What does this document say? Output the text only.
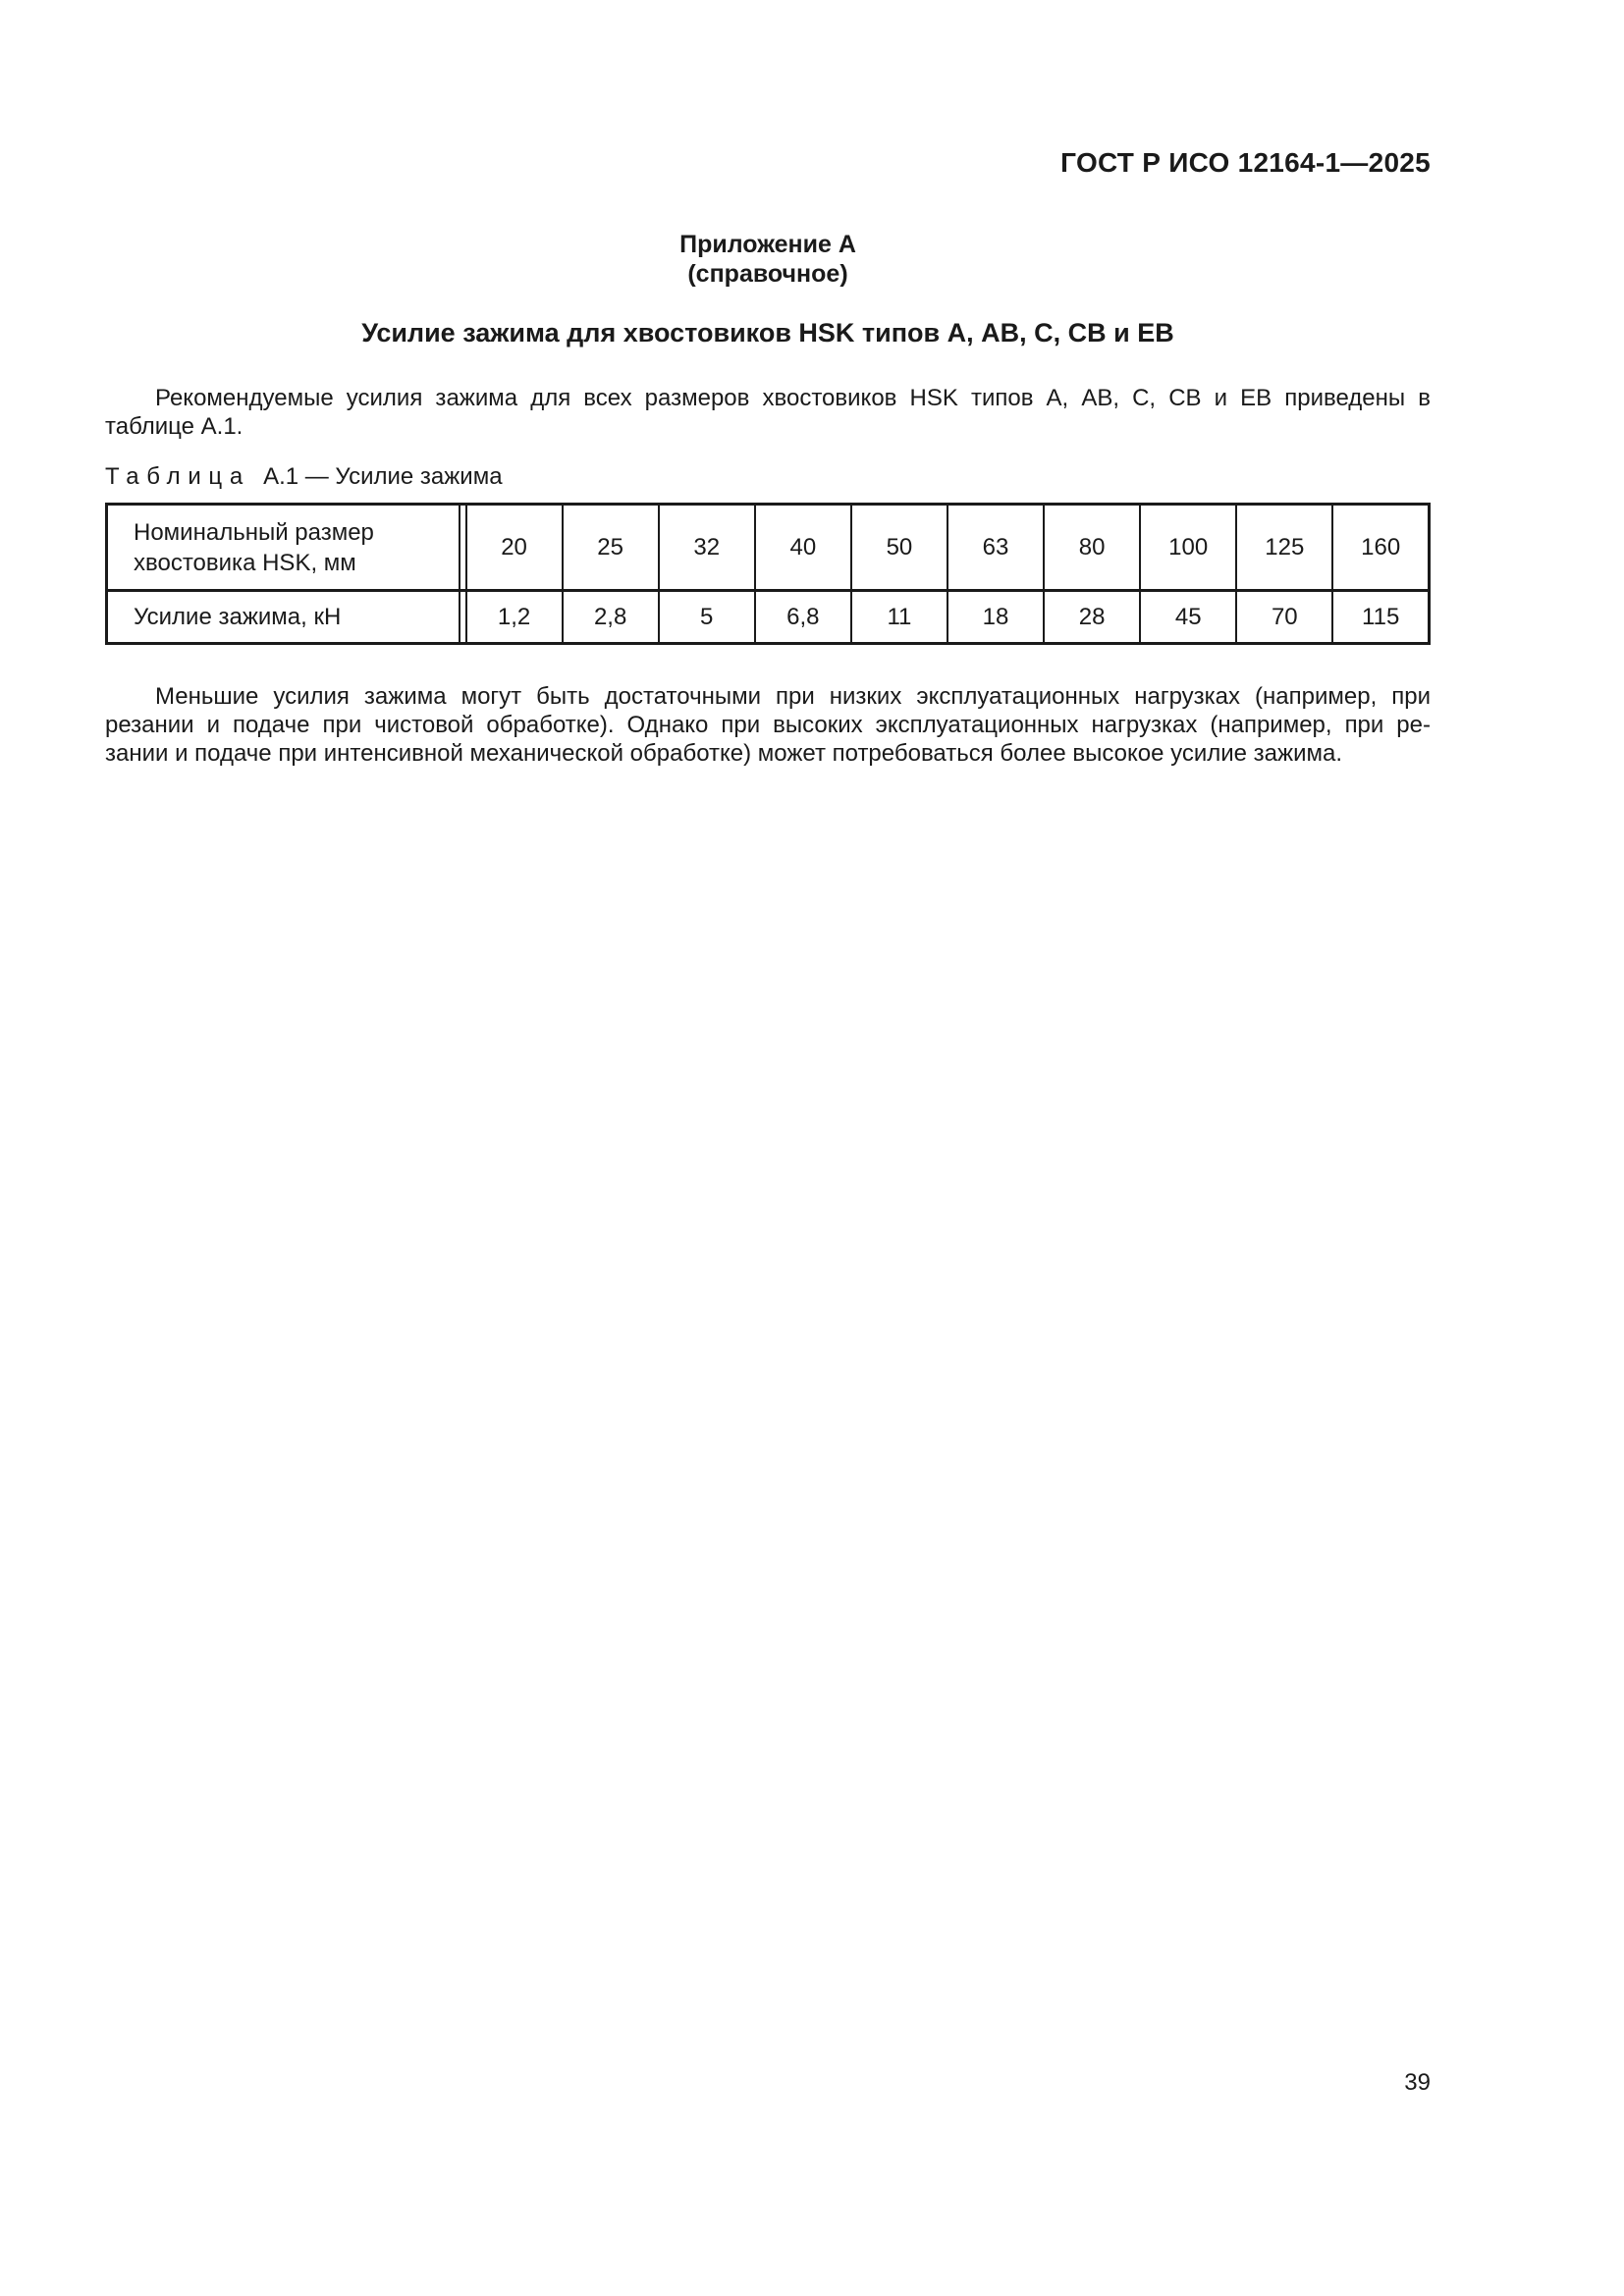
ГОСТ Р ИСО 12164-1—2025
Приложение А
(справочное)
Усилие зажима для хвостовиков HSK типов А, АВ, С, СВ и ЕВ
Рекомендуемые усилия зажима для всех размеров хвостовиков HSK типов А, АВ, С, СВ и ЕВ приведены в
таблице А.1.
Таблица А.1 — Усилие зажима
Номинальный размер хвостовика HSK, мм		20	25	32	40	50	63	80	100	125	160
Усилие зажима, кН		1,2	2,8	5	6,8	11	18	28	45	70	115
Меньшие усилия зажима могут быть достаточными при низких эксплуатационных нагрузках (например, при
резании и подаче при чистовой обработке). Однако при высоких эксплуатационных нагрузках (например, при ре-
зании и подаче при интенсивной механической обработке) может потребоваться более высокое усилие зажима.
39
